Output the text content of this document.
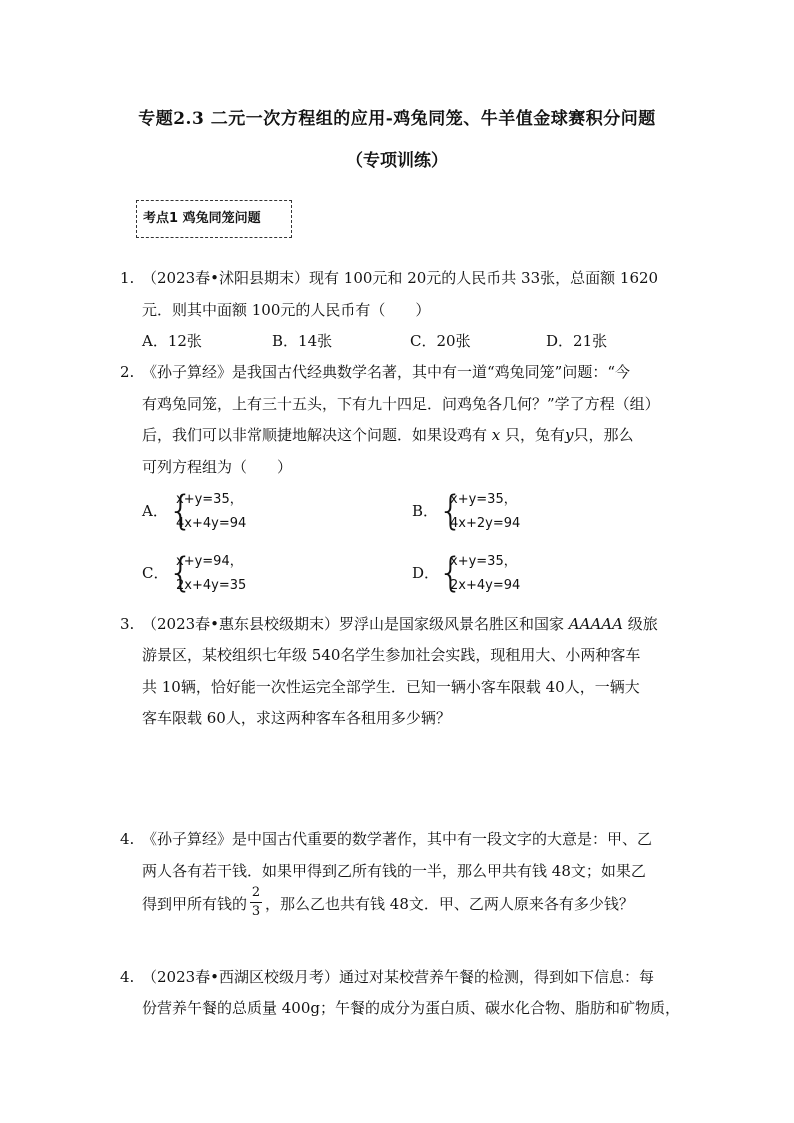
专题2.3 二元一次方程组的应用-鸡兔同笼、牛羊值金球赛积分问题
（专项训练）
考点1 鸡兔同笼问题
1. （2023春•沭阳县期末）现有 100元和 20元的人民币共 33张，总面额 1620
元．则其中面额 100元的人民币有（　　）
A．12张	B．14张	C．20张	D．21张
2. 《孙子算经》是我国古代经典数学名著，其中有一道“鸡兔同笼”问题：“今
有鸡兔同笼，上有三十五头，下有九十四足．问鸡兔各几何？”学了方程（组）
后，我们可以非常顺捷地解决这个问题．如果设鸡有 x 只，兔有y只，那么
可列方程组为（　　）
A． {
x+y=35，
4x+4y=94
B． {
x+y=35，
4x+2y=94
C． {
x+y=94，
2x+4y=35
D．
{
x+y=35，
2x+4y=94
3. （2023春•惠东县校级期末）罗浮山是国家级风景名胜区和国家 AAAAA 级旅
游景区，某校组织七年级 540名学生参加社会实践，现租用大、小两种客车
共 10辆，恰好能一次性运完全部学生．已知一辆小客车限载 40人，一辆大
客车限载 60人，求这两种客车各租用多少辆？
4. 《孙子算经》是中国古代重要的数学著作，其中有一段文字的大意是：甲、乙
两人各有若干钱．如果甲得到乙所有钱的一半，那么甲共有钱 48文；如果乙
得到甲所有钱的 $\frac{2}{3}$ ，那么乙也共有钱 48文．甲、乙两人原来各有多少钱？
4. （2023春•西湖区校级月考）通过对某校营养午餐的检测，得到如下信息：每
份营养午餐的总质量 400g；午餐的成分为蛋白质、碳水化合物、脂肪和矿物质，
